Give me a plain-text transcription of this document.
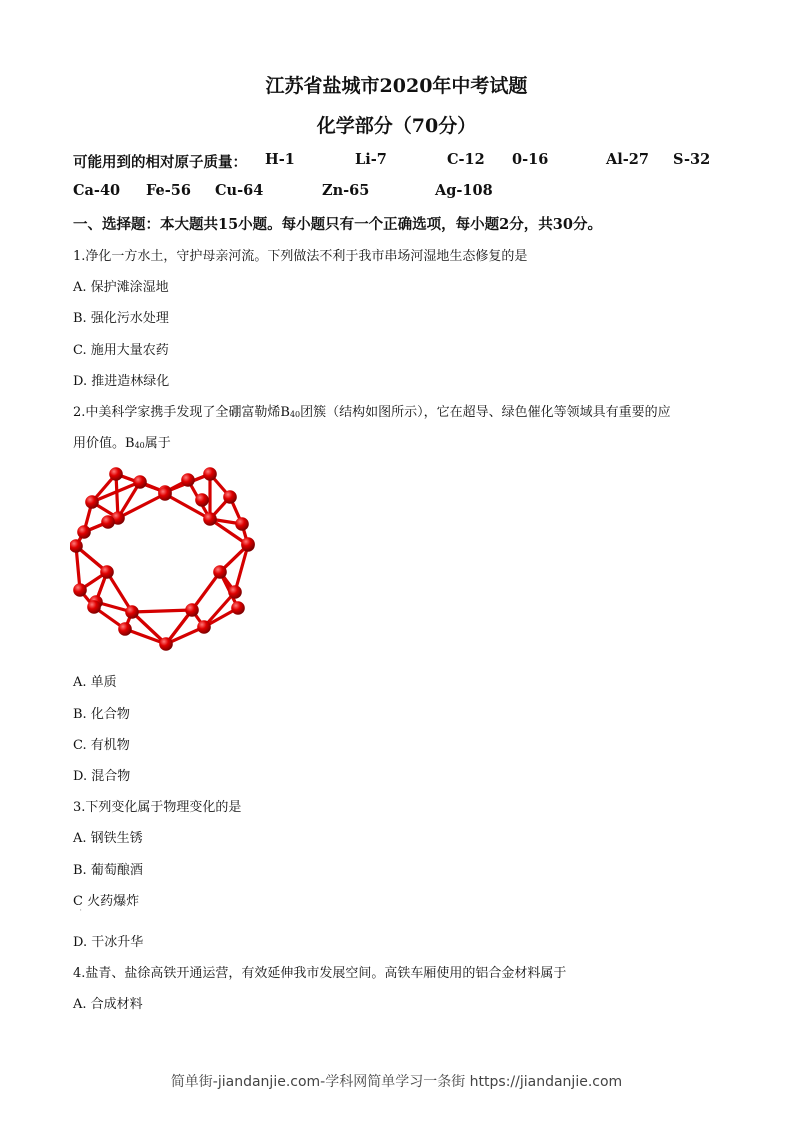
江苏省盐城市2020年中考试题
化学部分（70分）
可能用到的相对原子质量： H-1	Li-7	C-12 0-16	Al-27 S-32
Ca-40 Fe-56 Cu-64	Zn-65	Ag-108
一、选择题：本大题共15小题。每小题只有一个正确选项，每小题2分，共30分。
1.净化一方水土，守护母亲河流。下列做法不利于我市串场河湿地生态修复的是
A. 保护滩涂湿地
B. 强化污水处理
C. 施用大量农药
D. 推进造林绿化
2.中美科学家携手发现了全硼富勒烯B40团簇（结构如图所示），它在超导、绿色催化等领域具有重要的应
用价值。B40属于
A. 单质
B. 化合物
C. 有机物
D. 混合物
3.下列变化属于物理变化的是
A. 钢铁生锈
B. 葡萄酿酒
C 火药爆炸
'
D. 干冰升华
4.盐青、盐徐高铁开通运营，有效延伸我市发展空间。高铁车厢使用的铝合金材料属于
A. 合成材料
简单街-jiandanjie.com-学科网简单学习一条街 https://jiandanjie.com
